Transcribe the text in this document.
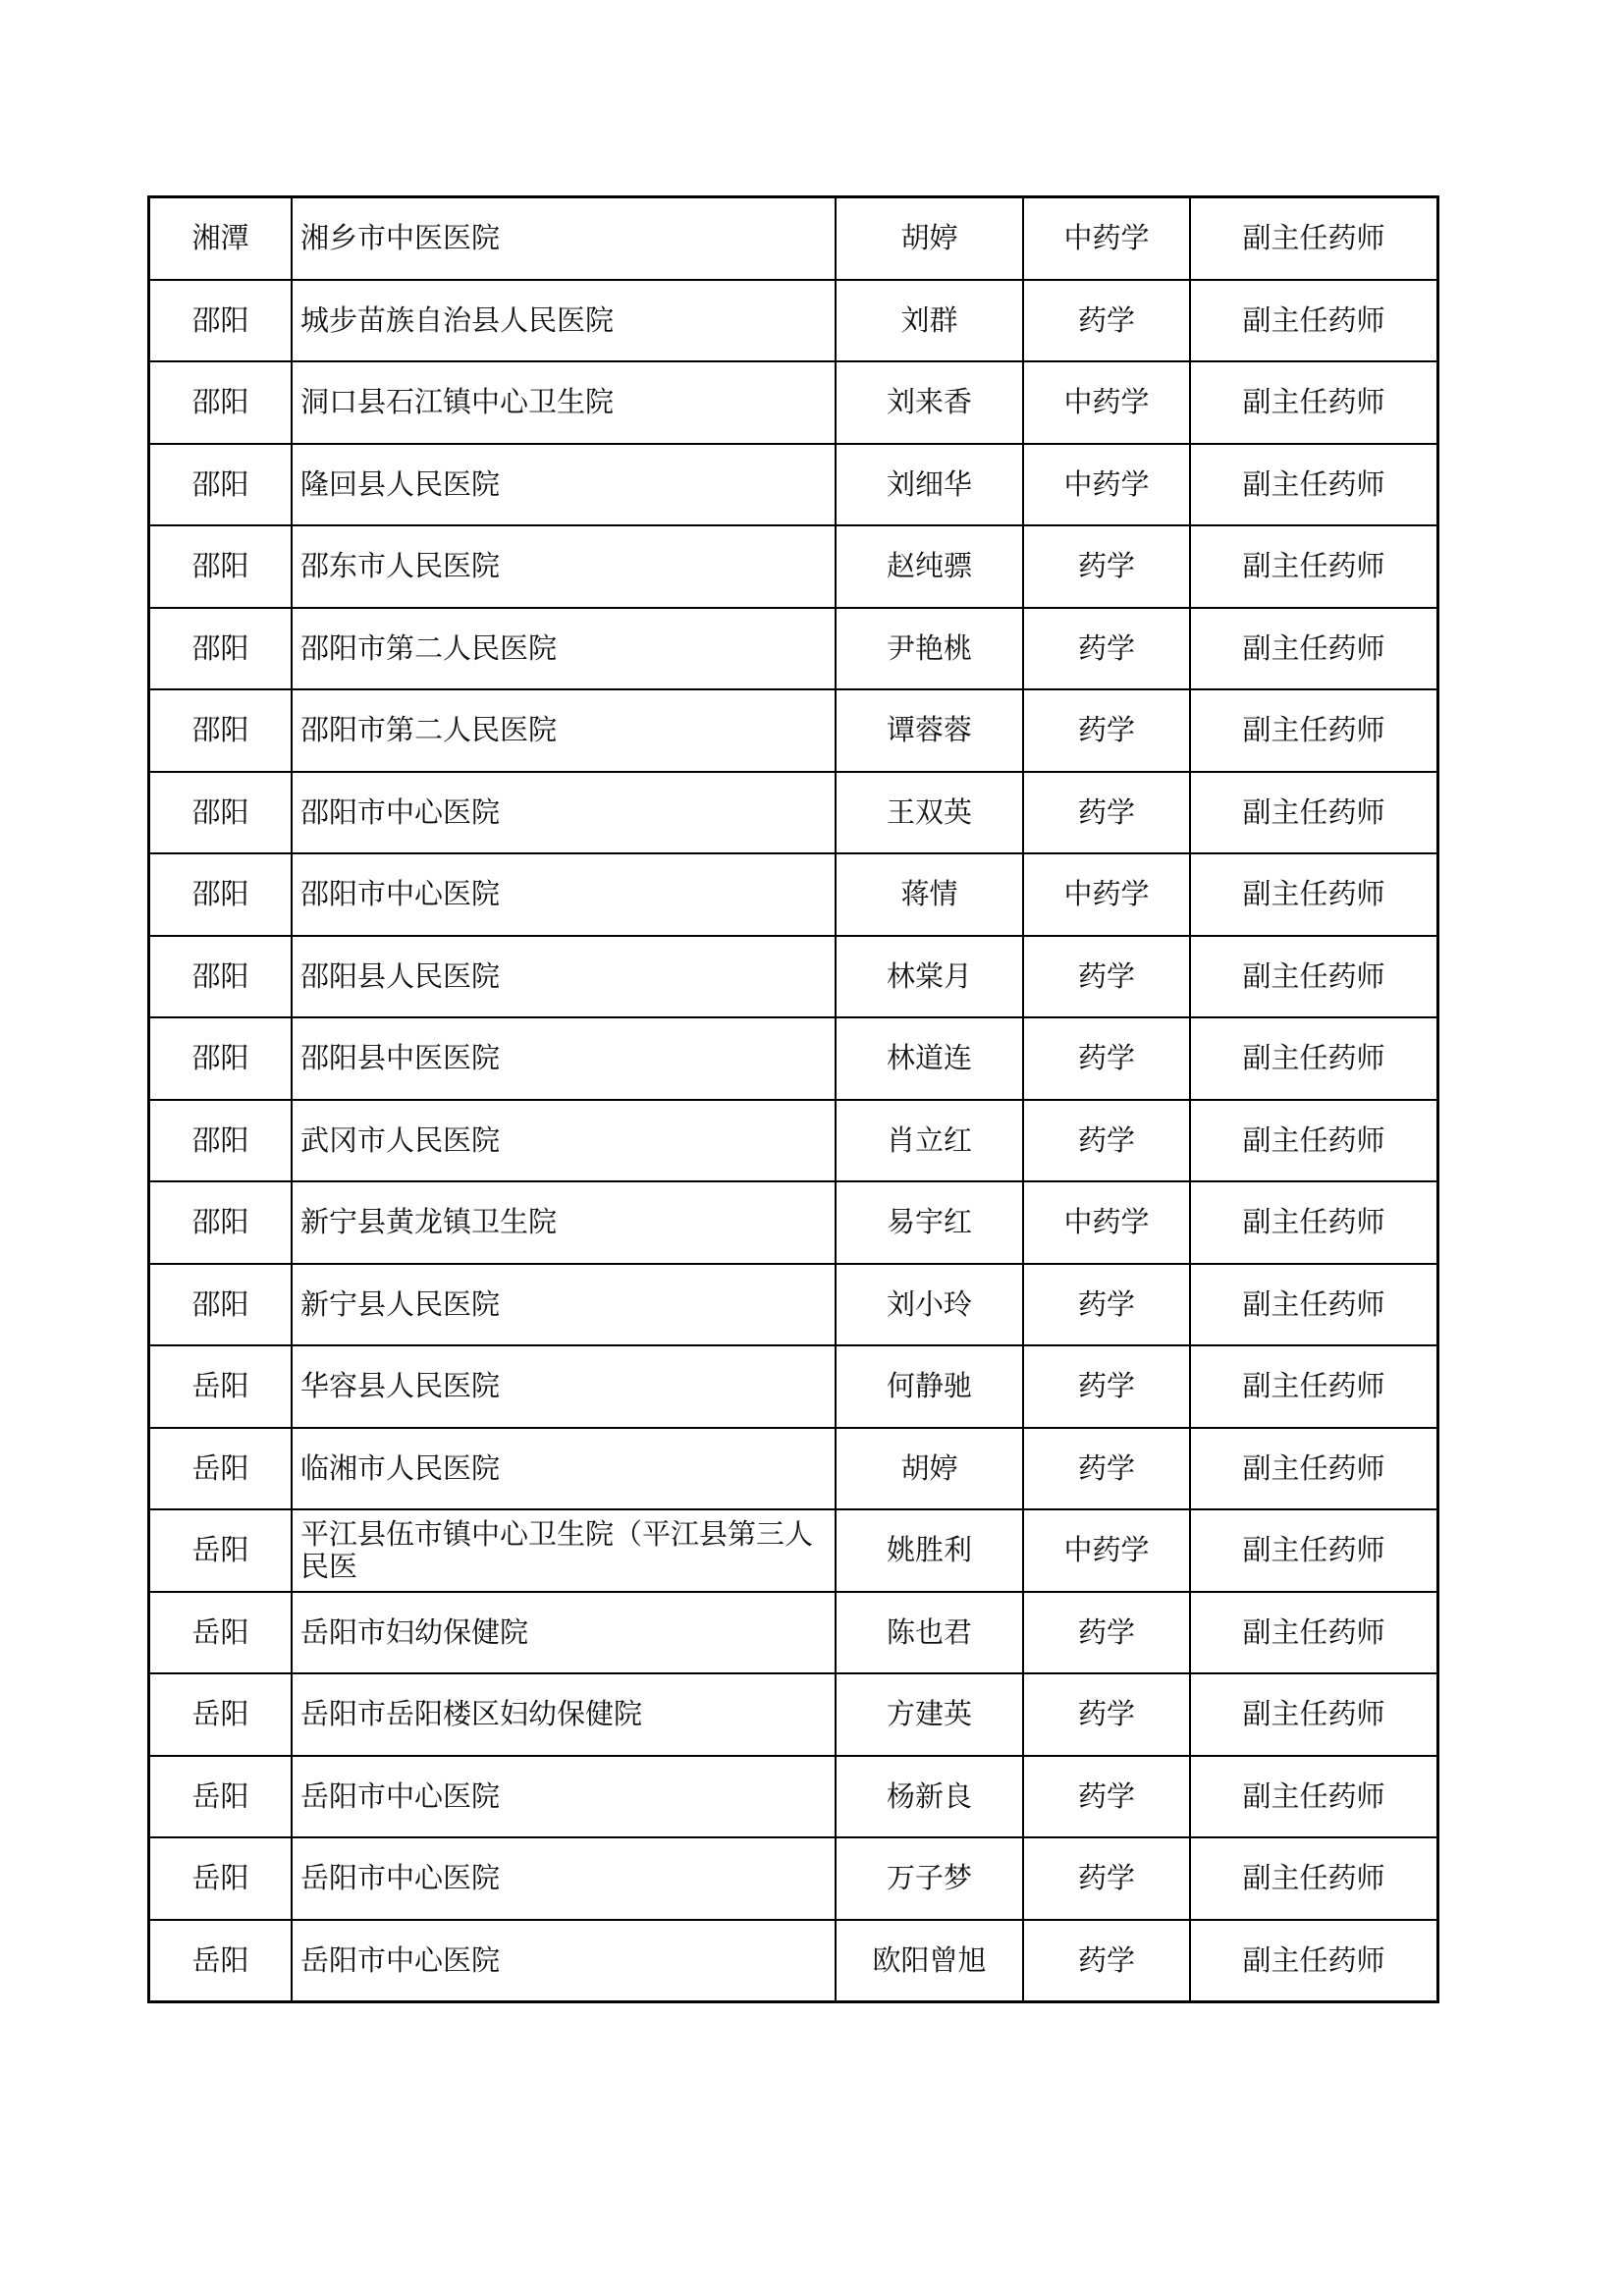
湘潭	湘乡市中医医院	胡婷	中药学	副主任药师
邵阳	城步苗族自治县人民医院	刘群	药学	副主任药师
邵阳	洞口县石江镇中心卫生院	刘来香	中药学	副主任药师
邵阳	隆回县人民医院	刘细华	中药学	副主任药师
邵阳	邵东市人民医院	赵纯骠	药学	副主任药师
邵阳	邵阳市第二人民医院	尹艳桃	药学	副主任药师
邵阳	邵阳市第二人民医院	谭蓉蓉	药学	副主任药师
邵阳	邵阳市中心医院	王双英	药学	副主任药师
邵阳	邵阳市中心医院	蒋情	中药学	副主任药师
邵阳	邵阳县人民医院	林棠月	药学	副主任药师
邵阳	邵阳县中医医院	林道连	药学	副主任药师
邵阳	武冈市人民医院	肖立红	药学	副主任药师
邵阳	新宁县黄龙镇卫生院	易宇红	中药学	副主任药师
邵阳	新宁县人民医院	刘小玲	药学	副主任药师
岳阳	华容县人民医院	何静驰	药学	副主任药师
岳阳	临湘市人民医院	胡婷	药学	副主任药师
岳阳	平江县伍市镇中心卫生院（平江县第三人民医	姚胜利	中药学	副主任药师
岳阳	岳阳市妇幼保健院	陈也君	药学	副主任药师
岳阳	岳阳市岳阳楼区妇幼保健院	方建英	药学	副主任药师
岳阳	岳阳市中心医院	杨新良	药学	副主任药师
岳阳	岳阳市中心医院	万子梦	药学	副主任药师
岳阳	岳阳市中心医院	欧阳曾旭	药学	副主任药师
